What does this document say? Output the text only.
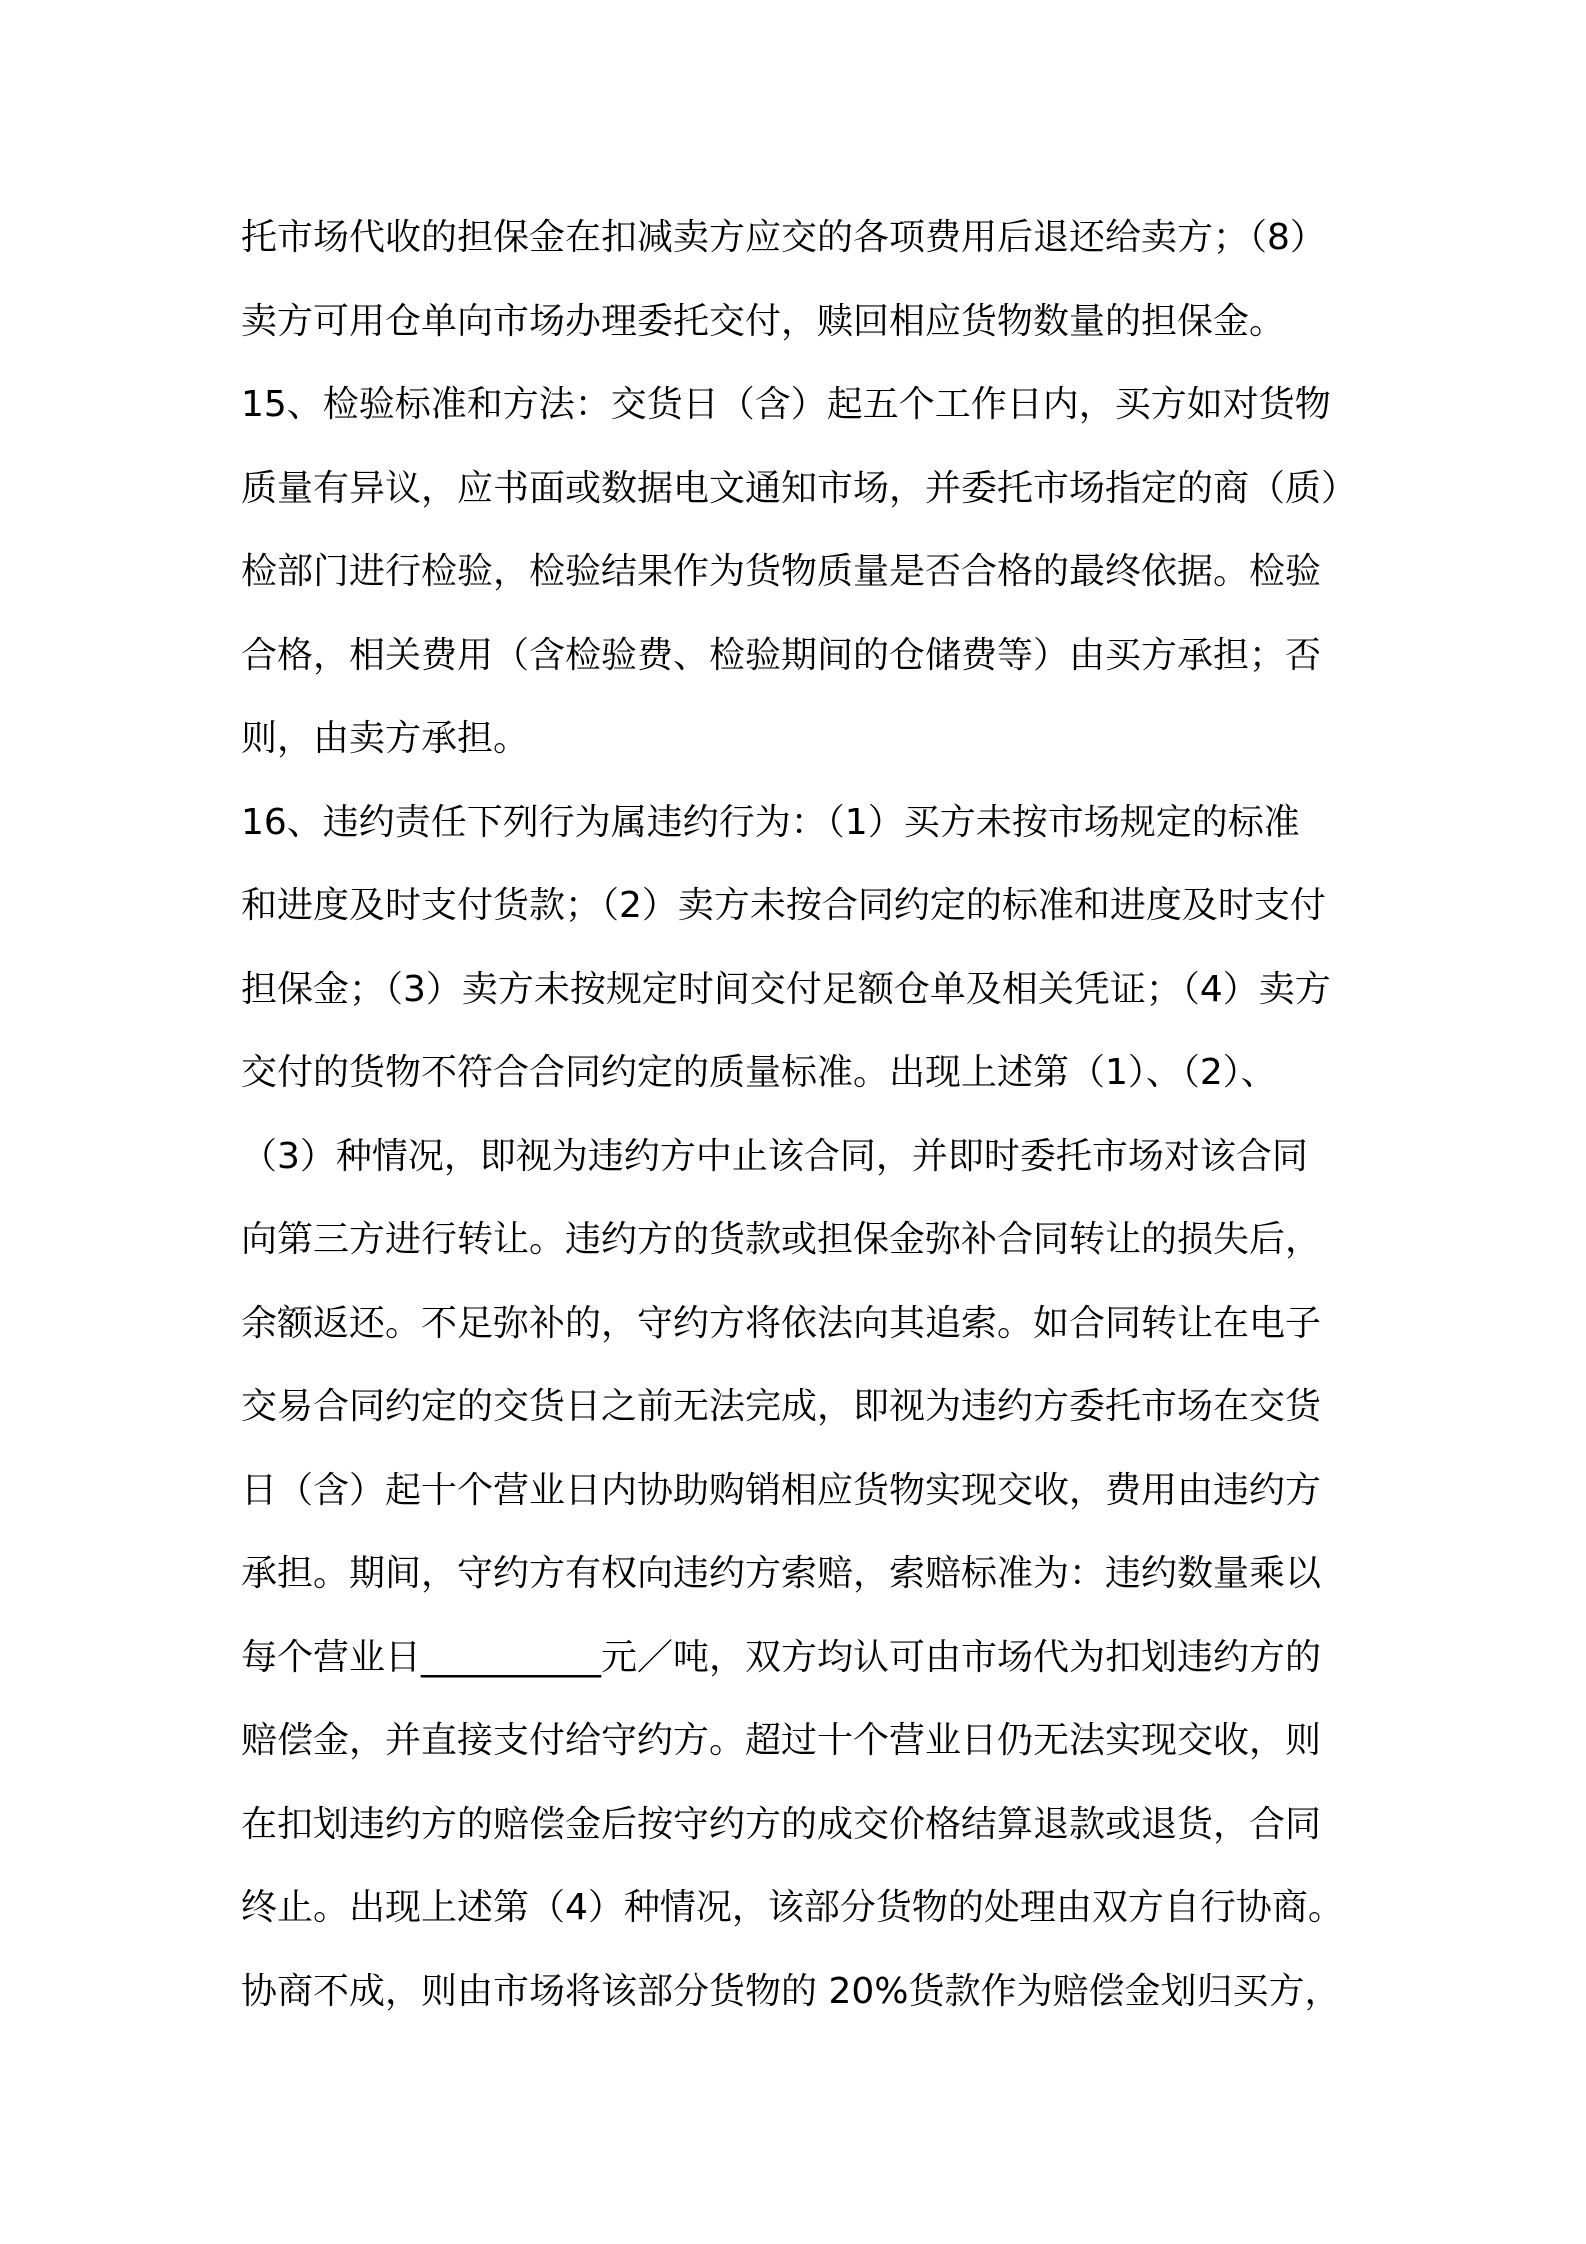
托市场代收的担保金在扣减卖方应交的各项费用后退还给卖方；（8）
卖方可用仓单向市场办理委托交付，赎回相应货物数量的担保金。
15、检验标准和方法：交货日（含）起五个工作日内，买方如对货物
质量有异议，应书面或数据电文通知市场，并委托市场指定的商（质）
检部门进行检验，检验结果作为货物质量是否合格的最终依据。检验
合格，相关费用（含检验费、检验期间的仓储费等）由买方承担；否
则，由卖方承担。
16、违约责任下列行为属违约行为：（1）买方未按市场规定的标准
和进度及时支付货款；（2）卖方未按合同约定的标准和进度及时支付
担保金；（3）卖方未按规定时间交付足额仓单及相关凭证；（4）卖方
交付的货物不符合合同约定的质量标准。出现上述第（1）、（2）、
（3）种情况，即视为违约方中止该合同，并即时委托市场对该合同
向第三方进行转让。违约方的货款或担保金弥补合同转让的损失后，
余额返还。不足弥补的，守约方将依法向其追索。如合同转让在电子
交易合同约定的交货日之前无法完成，即视为违约方委托市场在交货
日（含）起十个营业日内协助购销相应货物实现交收，费用由违约方
承担。期间，守约方有权向违约方索赔，索赔标准为：违约数量乘以
每个营业日__________元／吨，双方均认可由市场代为扣划违约方的
赔偿金，并直接支付给守约方。超过十个营业日仍无法实现交收，则
在扣划违约方的赔偿金后按守约方的成交价格结算退款或退货，合同
终止。出现上述第（4）种情况，该部分货物的处理由双方自行协商。
协商不成，则由市场将该部分货物的 20%货款作为赔偿金划归买方，
